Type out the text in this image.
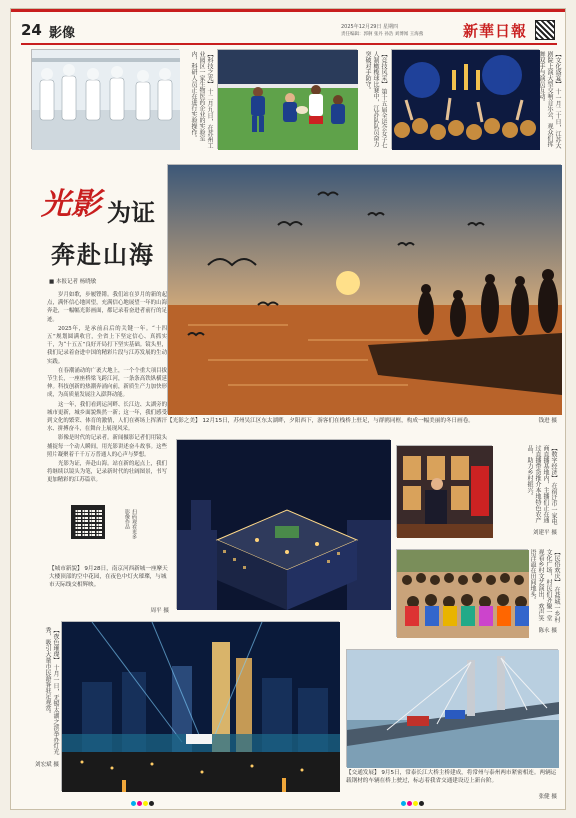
24 影像	2025年12月29日 星期四
责任编辑：郭舸 张丹 孙浩 刘博闻 王海燕	新華日報
【科技之光】 十二月九日，在苏州工业园区一家生物医药企业的实验室内，科研人员正在进行实验操作。	【竞技风采】 第十五届全运会女子七人制橄榄球比赛中，江苏队队员奋力突破对手防守。	【文化盛宴】 十一月二十日，江苏大剧院上演大型交响音乐会，观众们挥舞双手与演员互动。
光影 为证
奔赴山海
■ 本报记者 杨晓敏

岁月如歌，步履铿锵。我们站在岁月的新的起点，满怀信心地回望，充满信心地展望一年的山海奔赴，一幅幅光影画面，都记录着奋进者前行的足迹。

2025年，是承前启后的关键一年。“十四五”规划圆满收官，全省上下坚定信心、真抓实干，为“十五五”良好开局打下坚实基础。镜头里，我们记录着奋进中国的精彩片段与江苏发展的生动实践。

在春潮涌动的广袤大地上，一个个重大项目拔节生长，一座座桥梁飞跨江河，一条条高铁纵横延伸。科技创新的热潮奔涌向前，新质生产力加快形成，为高质量发展注入澎湃动能。

这一年，我们看到运河畔、长江边、太湖旁的城市更新，城乡面貌焕然一新；这一年，我们感受到文化的繁荣、体育的激情，人们在赛场上挥洒汗水、拼搏奋斗，在舞台上展现风采。

影像是时代的记录者。新闻摄影记者们用镜头捕捉每一个动人瞬间，用光影讲述奋斗故事。这些照片凝聚着千千万万普通人的心声与梦想。

光影为证，奔赴山海。站在新的起点上，我们将继续以镜头为笔，记录新时代的壮阔图景，书写更加精彩的江苏篇章。

扫码观看更多影像作品
【光影之美】 12月15日，苏州吴江区东太湖畔，夕阳西下，游客们在栈桥上驻足，与群鸥同框，构成一幅美丽的冬日画卷。	钱进 摄
【城市新貌】 9月28日，南京河西新城一座摩天大楼顶部的空中花园，在夜色中灯火璀璨，与城市天际线交相辉映。
周平 摄
【数字经济】 在宿迁市一家电商直播基地内，主播们正在通过直播带货推介本地特色农产品，助力乡村振兴。
刘建平 摄
【民俗欢庆】 在盐城一乡村文化广场，村民们齐聚一堂观看乡村文艺演出，欢声笑语洋溢在田间地头。
陈永 摄
【夜色璀璨】 十月一日，无锡太湖之滨举办灯光秀，吸引大量市民游客驻足观赏。
刘宏斌 摄
【交通发展】 9月5日，常泰长江大桥主桥建成，将常州与泰州两市紧密相连。两辆运载钢材的车辆在桥上驶过，标志着我省交通建设迈上新台阶。
张健 摄
